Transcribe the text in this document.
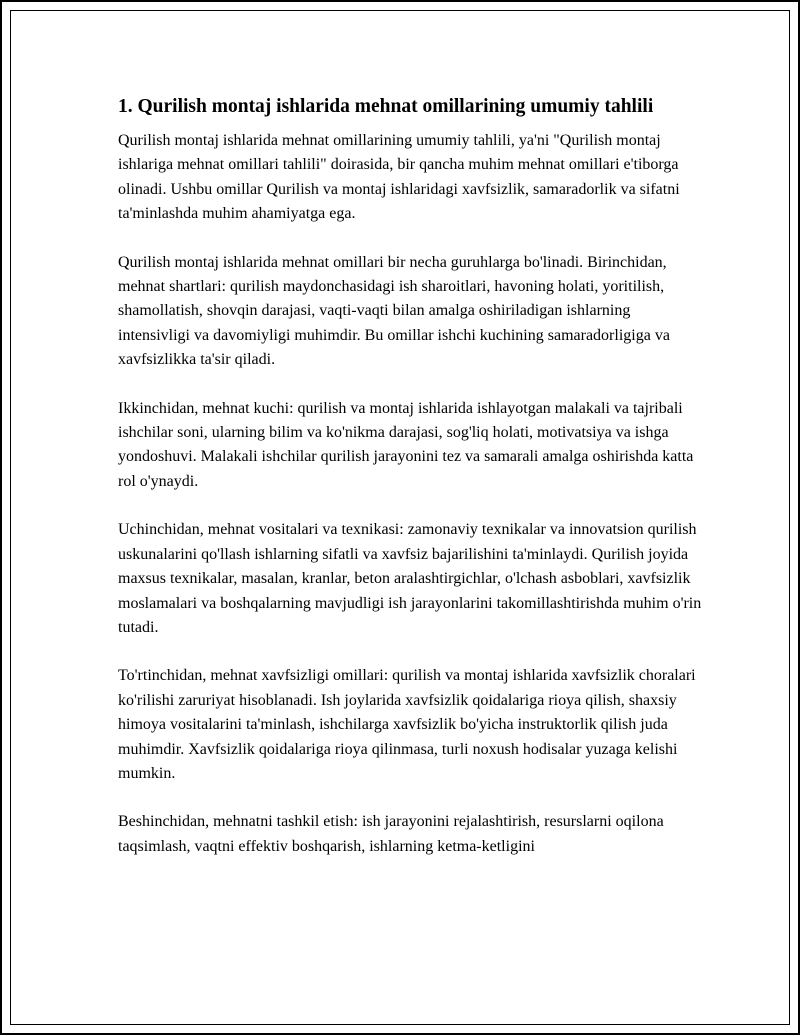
1. Qurilish montaj ishlarida mehnat omillarining umumiy tahlili

Qurilish montaj ishlarida mehnat omillarining umumiy tahlili, ya'ni "Qurilish montaj ishlariga mehnat omillari tahlili" doirasida, bir qancha muhim mehnat omillari e'tiborga olinadi. Ushbu omillar Qurilish va montaj ishlaridagi xavfsizlik, samaradorlik va sifatni ta'minlashda muhim ahamiyatga ega.

Qurilish montaj ishlarida mehnat omillari bir necha guruhlarga bo'linadi. Birinchidan, mehnat shartlari: qurilish maydonchasidagi ish sharoitlari, havoning holati, yoritilish, shamollatish, shovqin darajasi, vaqti-vaqti bilan amalga oshiriladigan ishlarning intensivligi va davomiyligi muhimdir. Bu omillar ishchi kuchining samaradorligiga va xavfsizlikka ta'sir qiladi.

Ikkinchidan, mehnat kuchi: qurilish va montaj ishlarida ishlayotgan malakali va tajribali ishchilar soni, ularning bilim va ko'nikma darajasi, sog'liq holati, motivatsiya va ishga yondoshuvi. Malakali ishchilar qurilish jarayonini tez va samarali amalga oshirishda katta rol o'ynaydi.

Uchinchidan, mehnat vositalari va texnikasi: zamonaviy texnikalar va innovatsion qurilish uskunalarini qo'llash ishlarning sifatli va xavfsiz bajarilishini ta'minlaydi. Qurilish joyida maxsus texnikalar, masalan, kranlar, beton aralashtirgichlar, o'lchash asboblari, xavfsizlik moslamalari va boshqalarning mavjudligi ish jarayonlarini takomillashtirishda muhim o'rin tutadi.

To'rtinchidan, mehnat xavfsizligi omillari: qurilish va montaj ishlarida xavfsizlik choralari ko'rilishi zaruriyat hisoblanadi. Ish joylarida xavfsizlik qoidalariga rioya qilish, shaxsiy himoya vositalarini ta'minlash, ishchilarga xavfsizlik bo'yicha instruktorlik qilish juda muhimdir. Xavfsizlik qoidalariga rioya qilinmasa, turli noxush hodisalar yuzaga kelishi mumkin.

Beshinchidan, mehnatni tashkil etish: ish jarayonini rejalashtirish, resurslarni oqilona taqsimlash, vaqtni effektiv boshqarish, ishlarning ketma-ketligini
